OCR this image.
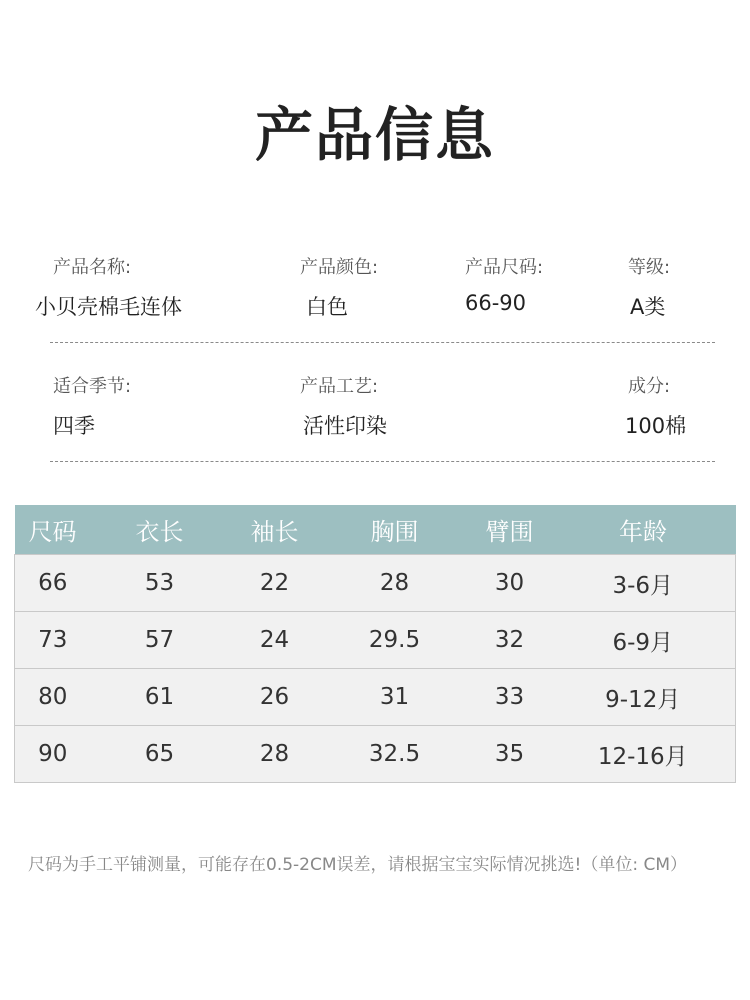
产品信息
产品名称:
小贝壳棉毛连体
产品颜色:
白色
产品尺码:
66-90
等级:
A类
适合季节:
四季
产品工艺:
活性印染
成分:
100棉
尺码	衣长	袖长	胸围	臂围	年龄
66	53	22	28	30	3-6月
73	57	24	29.5	32	6-9月
80	61	26	31	33	9-12月
90	65	28	32.5	35	12-16月
尺码为手工平铺测量，可能存在0.5-2CM误差，请根据宝宝实际情况挑选!（单位: CM）
